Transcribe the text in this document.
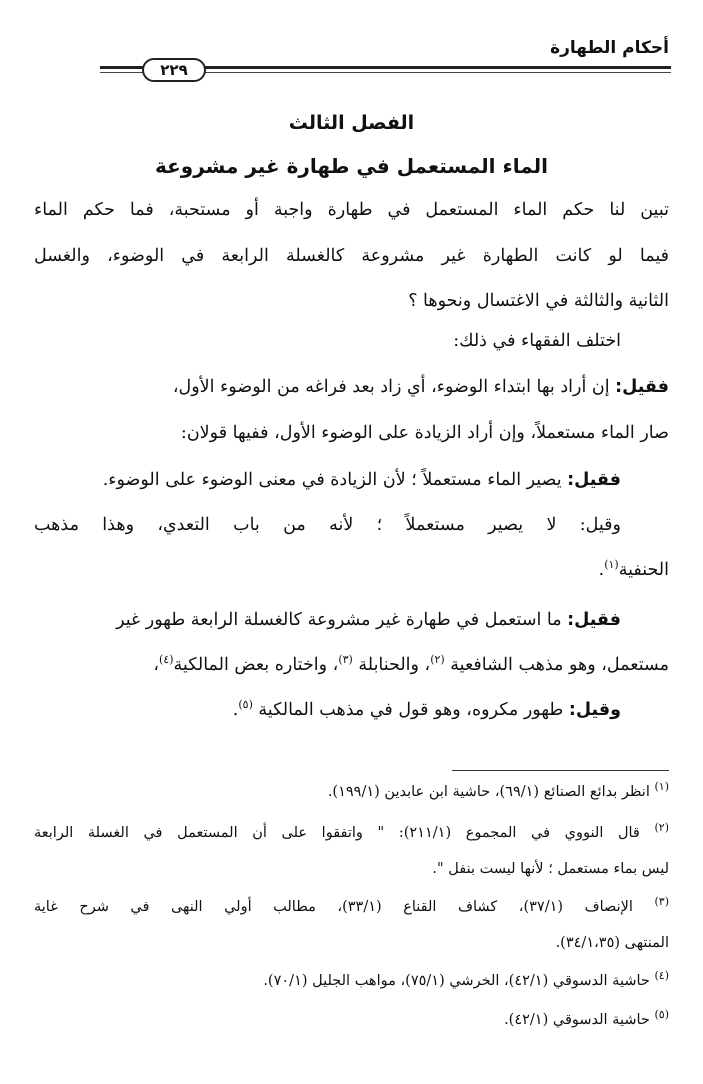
أحكام الطهارة
٢٢٩
الفصل الثالث
الماء المستعمل في طهارة غير مشروعة
تبين لنا حكم الماء المستعمل في طهارة واجبة أو مستحبة، فما حكم الماء
فيما لو كانت الطهارة غير مشروعة كالغسلة الرابعة في الوضوء، والغسل
الثانية والثالثة في الاغتسال ونحوها ؟
اختلف الفقهاء في ذلك:
فقيل: إن أراد بها ابتداء الوضوء، أي زاد بعد فراغه من الوضوء الأول،
صار الماء مستعملاً، وإن أراد الزيادة على الوضوء الأول، ففيها قولان:
فقيل: يصير الماء مستعملاً ؛ لأن الزيادة في معنى الوضوء على الوضوء.
وقيل: لا يصير مستعملاً ؛ لأنه من باب التعدي، وهذا مذهب
الحنفية$^{(١)}$.
فقيل: ما استعمل في طهارة غير مشروعة كالغسلة الرابعة طهور غير
مستعمل، وهو مذهب الشافعية $^{(٢)}$، والحنابلة $^{(٣)}$، واختاره بعض المالكية$^{(٤)}$،
وقيل: طهور مكروه، وهو قول في مذهب المالكية $^{(٥)}$.
$^{(١)}$ انظر بدائع الصنائع (٦٩/١)، حاشية ابن عابدين (١٩٩/١).
$^{(٢)}$ قال النووي في المجموع (٢١١/١): " واتفقوا على أن المستعمل في الغسلة الرابعة
ليس بماء مستعمل ؛ لأنها ليست بنفل ".
$^{(٣)}$ الإنصاف (٣٧/١)، كشاف القناع (٣٣/١)، مطالب أولي النهى في شرح غاية
المنتهى (٣٤/١،٣٥).
$^{(٤)}$ حاشية الدسوقي (٤٢/١)، الخرشي (٧٥/١)، مواهب الجليل (٧٠/١).
$^{(٥)}$ حاشية الدسوقي (٤٢/١).
